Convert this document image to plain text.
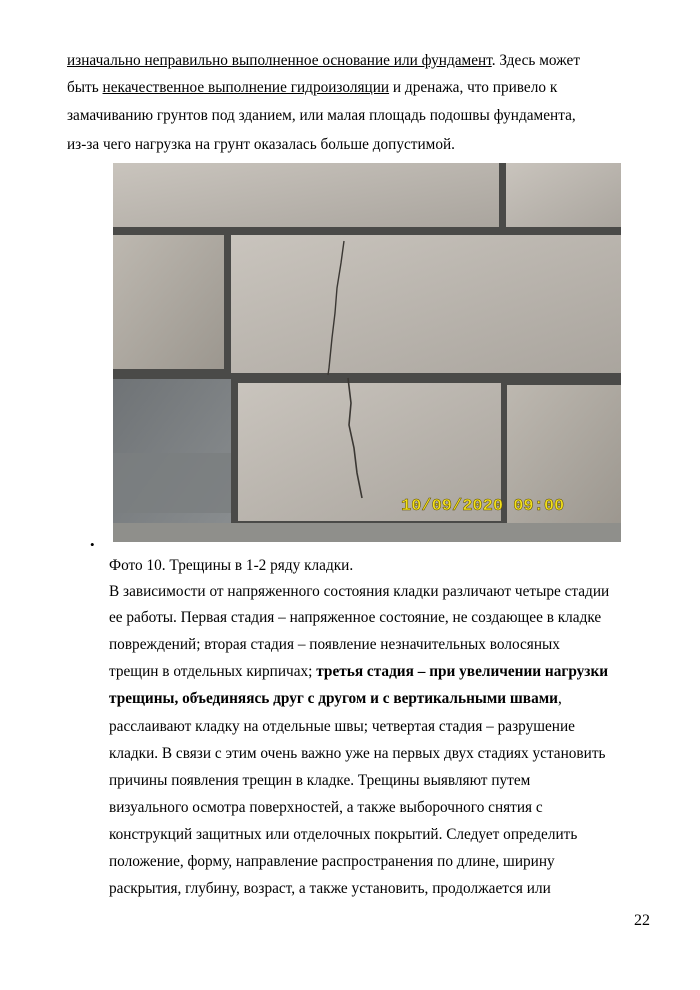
изначально неправильно выполненное основание или фундамент. Здесь может
быть некачественное выполнение гидроизоляции и дренажа, что привело к
замачиванию грунтов под зданием, или малая площадь подошвы фундамента,
из-за чего нагрузка на грунт оказалась больше допустимой.
10/09/2020 09:00
•
Фото 10. Трещины в 1-2 ряду кладки.
В зависимости от напряженного состояния кладки различают четыре стадии
ее работы. Первая стадия – напряженное состояние, не создающее в кладке
повреждений; вторая стадия – появление незначительных волосяных
трещин в отдельных кирпичах; третья стадия – при увеличении нагрузки
трещины, объединяясь друг с другом и с вертикальными швами,
расслаивают кладку на отдельные швы; четвертая стадия – разрушение
кладки. В связи с этим очень важно уже на первых двух стадиях установить
причины появления трещин в кладке. Трещины выявляют путем
визуального осмотра поверхностей, а также выборочного снятия с
конструкций защитных или отделочных покрытий. Следует определить
положение, форму, направление распространения по длине, ширину
раскрытия, глубину, возраст, а также установить, продолжается или
22
